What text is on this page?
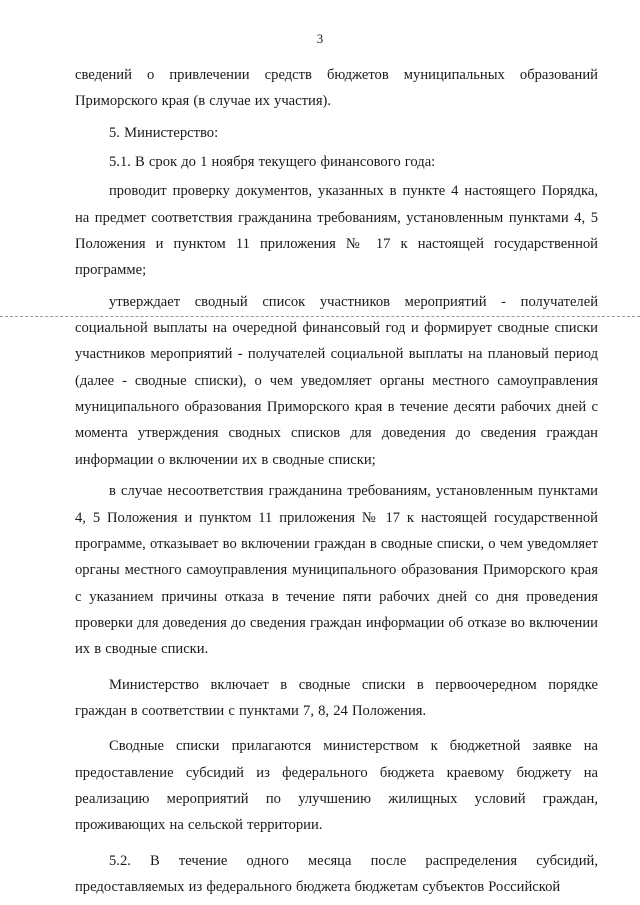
3

сведений о привлечении средств бюджетов муниципальных образований Приморского края (в случае их участия).

5. Министерство:

5.1. В срок до 1 ноября текущего финансового года:

проводит проверку документов, указанных в пункте 4 настоящего Порядка, на предмет соответствия гражданина требованиям, установленным пунктами 4, 5 Положения и пунктом 11 приложения № 17 к настоящей государственной программе;

утверждает сводный список участников мероприятий - получателей социальной выплаты на очередной финансовый год и формирует сводные списки участников мероприятий - получателей социальной выплаты на плановый период (далее - сводные списки), о чем уведомляет органы местного самоуправления муниципального образования Приморского края в течение десяти рабочих дней с момента утверждения сводных списков для доведения до сведения граждан информации о включении их в сводные списки;

в случае несоответствия гражданина требованиям, установленным пунктами 4, 5 Положения и пунктом 11 приложения № 17 к настоящей государственной программе, отказывает во включении граждан в сводные списки, о чем уведомляет органы местного самоуправления муниципального образования Приморского края с указанием причины отказа в течение пяти рабочих дней со дня проведения проверки для доведения до сведения граждан информации об отказе во включении их в сводные списки.

Министерство включает в сводные списки в первоочередном порядке граждан в соответствии с пунктами 7, 8, 24 Положения.

Сводные списки прилагаются министерством к бюджетной заявке на предоставление субсидий из федерального бюджета краевому бюджету на реализацию мероприятий по улучшению жилищных условий граждан, проживающих на сельской территории.

5.2. В течение одного месяца после распределения субсидий, предоставляемых из федерального бюджета бюджетам субъектов Российской
